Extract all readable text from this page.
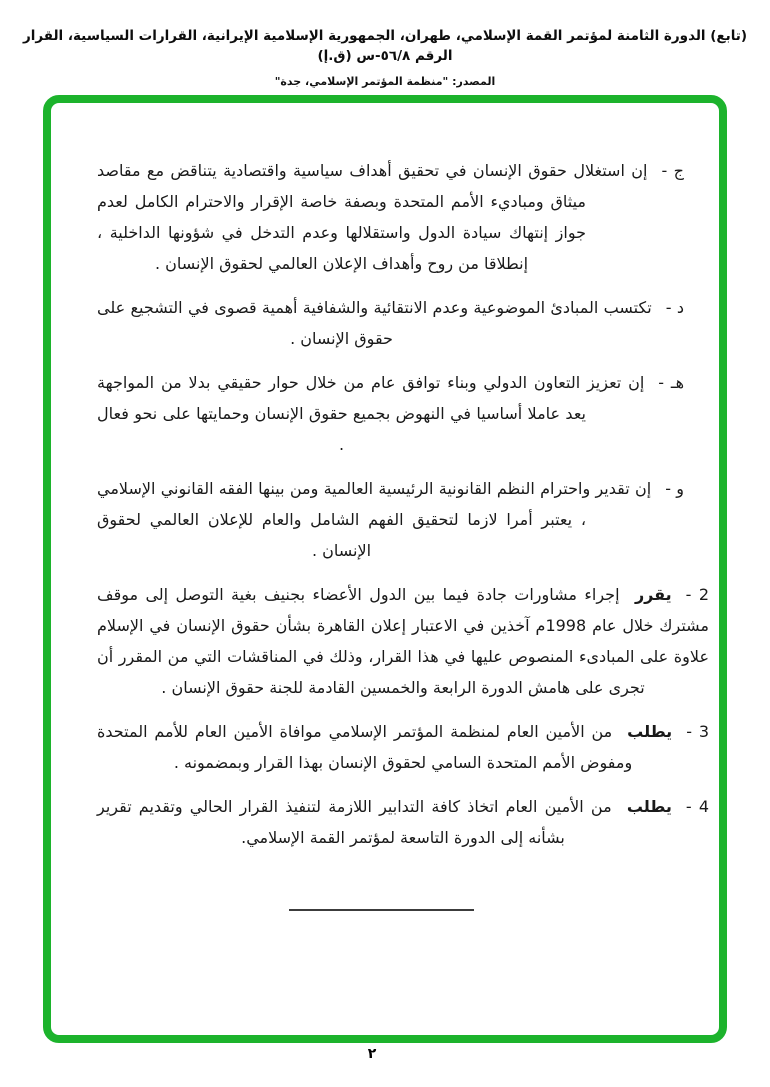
(تابع) الدورة الثامنة لمؤتمر القمة الإسلامي، طهران، الجمهورية الإسلامية الإيرانية، القرارات السياسية، القرار الرقم ٥٦/٨-س (ق.إ)
المصدر: "منظمة المؤتمر الإسلامي، جدة"

ج -إن استغلال حقوق الإنسان في تحقيق أهداف سياسية واقتصادية يتناقض مع مقاصد ميثاق ومباديء الأمم المتحدة وبصفة خاصة الإقرار والاحترام الكامل لعدم جواز إنتهاك سيادة الدول واستقلالها وعدم التدخل في شؤونها الداخلية ، إنطلاقا من روح وأهداف الإعلان العالمي لحقوق الإنسان .

د -تكتسب المبادئ الموضوعية وعدم الانتقائية والشفافية أهمية قصوى في التشجيع على حقوق الإنسان .

هـ -إن تعزيز التعاون الدولي وبناء توافق عام من خلال حوار حقيقي بدلا من المواجهة يعد عاملا أساسيا في النهوض بجميع حقوق الإنسان وحمايتها على نحو فعال .

و -إن تقدير واحترام النظم القانونية الرئيسية العالمية ومن بينها الفقه القانوني الإسلامي ، يعتبر أمرا لازما لتحقيق الفهم الشامل والعام للإعلان العالمي لحقوق الإنسان .

2 -يقرر إجراء مشاورات جادة فيما بين الدول الأعضاء بجنيف بغية التوصل إلى موقف مشترك خلال عام 1998م آخذين في الاعتبار إعلان القاهرة بشأن حقوق الإنسان في الإسلام علاوة على المبادىء المنصوص عليها في هذا القرار، وذلك في المناقشات التي من المقرر أن تجرى على هامش الدورة الرابعة والخمسين القادمة للجنة حقوق الإنسان .

3 -يطلب من الأمين العام لمنظمة المؤتمر الإسلامي موافاة الأمين العام للأمم المتحدة ومفوض الأمم المتحدة السامي لحقوق الإنسان بهذا القرار وبمضمونه .

4 -يطلب من الأمين العام اتخاذ كافة التدابير اللازمة لتنفيذ القرار الحالي وتقديم تقرير بشأنه إلى الدورة التاسعة لمؤتمر القمة الإسلامي.

٢
